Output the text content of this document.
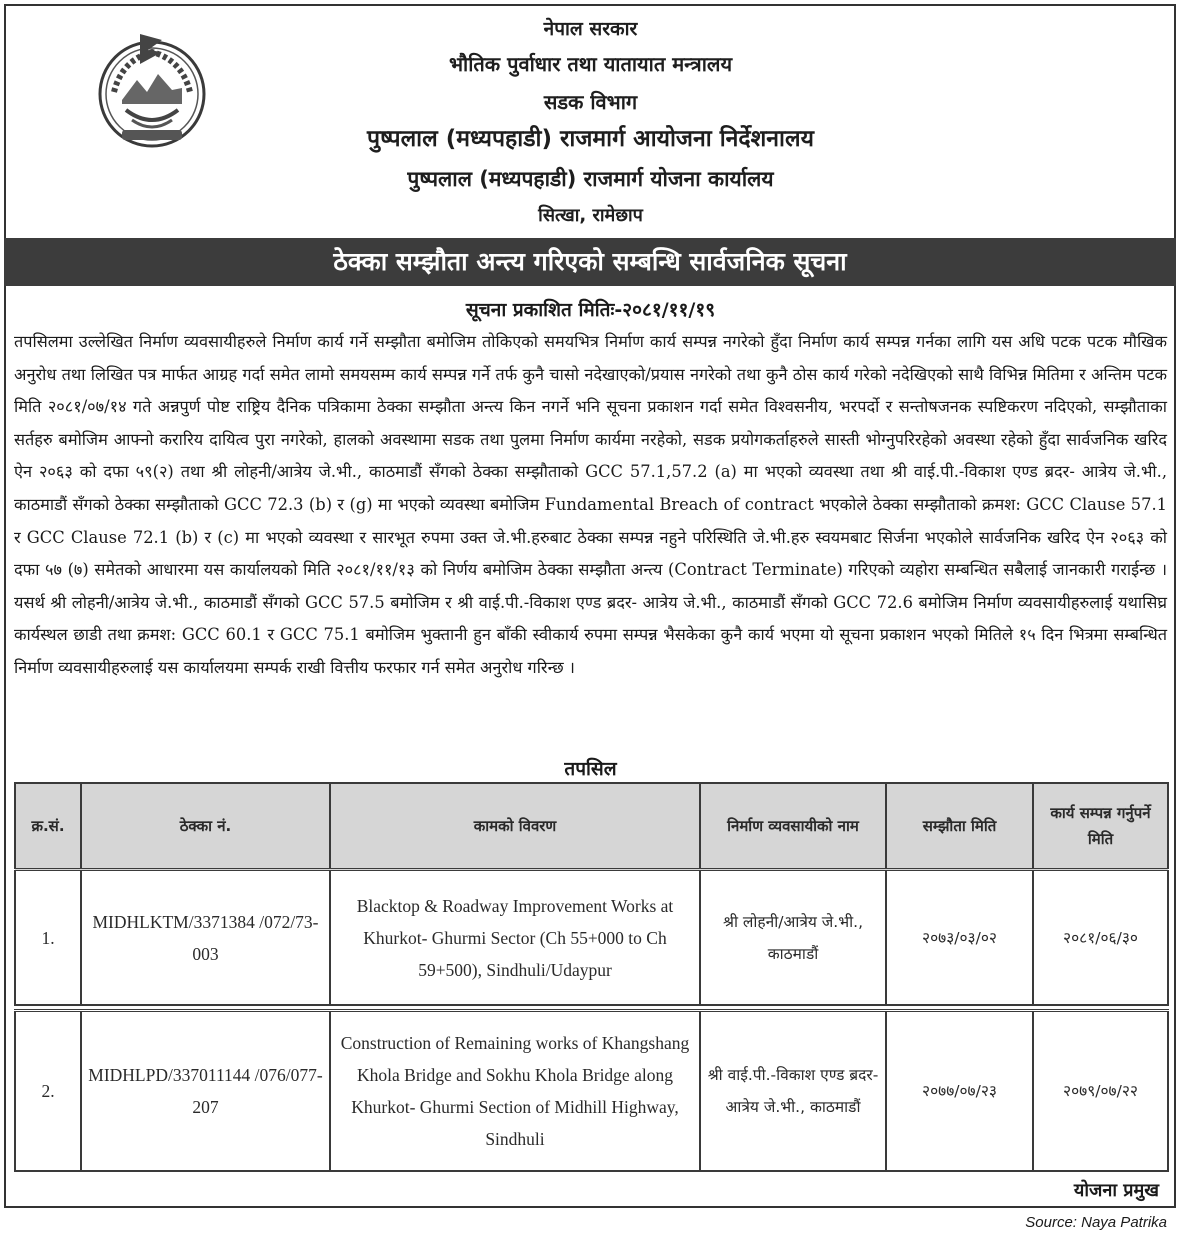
नेपाल सरकार
भौतिक पुर्वाधार तथा यातायात मन्त्रालय
सडक विभाग
पुष्पलाल (मध्यपहाडी) राजमार्ग आयोजना निर्देशनालय
पुष्पलाल (मध्यपहाडी) राजमार्ग योजना कार्यालय
सित्खा, रामेछाप
ठेक्का सम्झौता अन्त्य गरिएको सम्बन्धि सार्वजनिक सूचना
सूचना प्रकाशित मितिः-२०८१/११/१९
तपसिलमा उल्लेखित निर्माण व्यवसायीहरुले निर्माण कार्य गर्ने सम्झौता बमोजिम तोकिएको समयभित्र निर्माण कार्य सम्पन्न नगरेको हुँदा निर्माण कार्य सम्पन्न गर्नका लागि यस अधि पटक पटक मौखिक अनुरोध तथा लिखित पत्र मार्फत आग्रह गर्दा समेत लामो समयसम्म कार्य सम्पन्न गर्ने तर्फ कुनै चासो नदेखाएको/प्रयास नगरेको तथा कुनै ठोस कार्य गरेको नदेखिएको साथै विभिन्न मितिमा र अन्तिम पटक मिति २०८१/०७/१४ गते अन्नपुर्ण पोष्ट राष्ट्रिय दैनिक पत्रिकामा ठेक्का सम्झौता अन्त्य किन नगर्ने भनि सूचना प्रकाशन गर्दा समेत विश्वसनीय, भरपर्दो र सन्तोषजनक स्पष्टिकरण नदिएको, सम्झौताका सर्तहरु बमोजिम आफ्नो करारिय दायित्व पुरा नगरेको, हालको अवस्थामा सडक तथा पुलमा निर्माण कार्यमा नरहेको, सडक प्रयोगकर्ताहरुले सास्ती भोग्नुपरिरहेको अवस्था रहेको हुँदा सार्वजनिक खरिद ऐन २०६३ को दफा ५९(२) तथा श्री लोहनी/आत्रेय जे.भी., काठमाडौं सँगको ठेक्का सम्झौताको GCC 57.1,57.2 (a) मा भएको व्यवस्था तथा श्री वाई.पी.-विकाश एण्ड ब्रदर- आत्रेय जे.भी., काठमाडौं सँगको ठेक्का सम्झौताको GCC 72.3 (b) र (g) मा भएको व्यवस्था बमोजिम Fundamental Breach of contract भएकोले ठेक्का सम्झौताको क्रमश: GCC Clause 57.1 र GCC Clause 72.1 (b) र (c) मा भएको व्यवस्था र सारभूत रुपमा उक्त जे.भी.हरुबाट ठेक्का सम्पन्न नहुने परिस्थिति जे.भी.हरु स्वयमबाट सिर्जना भएकोले सार्वजनिक खरिद ऐन २०६३ को दफा ५७ (७) समेतको आधारमा यस कार्यालयको मिति २०८१/११/१३ को निर्णय बमोजिम ठेक्का सम्झौता अन्त्य (Contract Terminate) गरिएको व्यहोरा सम्बन्धित सबैलाई जानकारी गराईन्छ । यसर्थ श्री लोहनी/आत्रेय जे.भी., काठमाडौं सँगको GCC 57.5 बमोजिम र श्री वाई.पी.-विकाश एण्ड ब्रदर- आत्रेय जे.भी., काठमाडौं सँगको GCC 72.6 बमोजिम निर्माण व्यवसायीहरुलाई यथासिघ्र कार्यस्थल छाडी तथा क्रमश: GCC 60.1 र GCC 75.1 बमोजिम भुक्तानी हुन बाँकी स्वीकार्य रुपमा सम्पन्न भैसकेका कुनै कार्य भएमा यो सूचना प्रकाशन भएको मितिले १५ दिन भित्रमा सम्बन्धित निर्माण व्यवसायीहरुलाई यस कार्यालयमा सम्पर्क राखी वित्तीय फरफार गर्न समेत अनुरोध गरिन्छ ।
तपसिल
क्र.सं.	ठेक्का नं.	कामको विवरण	निर्माण व्यवसायीको नाम	सम्झौता मिति	कार्य सम्पन्न गर्नुपर्ने मिति
1.	MIDHLKTM/3371384 /072/73-003	Blacktop & Roadway Improvement Works at Khurkot- Ghurmi Sector (Ch 55+000 to Ch 59+500), Sindhuli/Udaypur	श्री लोहनी/आत्रेय जे.भी., काठमाडौं	२०७३/०३/०२	२०८१/०६/३०

2.	MIDHLPD/337011144 /076/077-207	Construction of Remaining works of Khangshang Khola Bridge and Sokhu Khola Bridge along Khurkot- Ghurmi Section of Midhill Highway, Sindhuli	श्री वाई.पी.-विकाश एण्ड ब्रदर- आत्रेय जे.भी., काठमाडौं	२०७७/०७/२३	२०७९/०७/२२
योजना प्रमुख
Source: Naya Patrika
